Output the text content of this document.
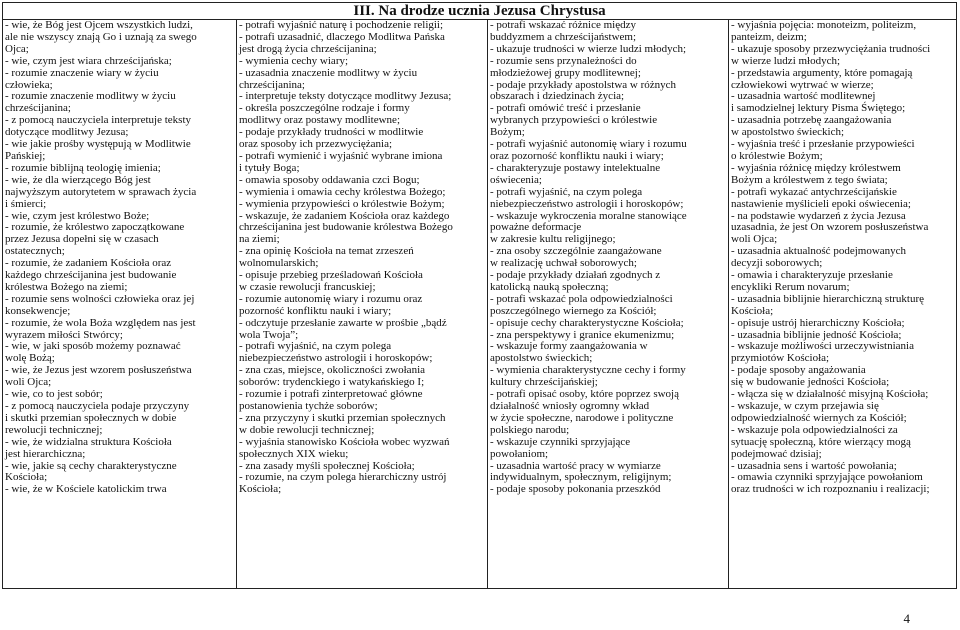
III. Na drodze ucznia Jezusa Chrystusa
- wie, że Bóg jest Ojcem wszystkich ludzi,
ale nie wszyscy znają Go i uznają za swego
Ojca;
- wie, czym jest wiara chrześcijańska;
- rozumie znaczenie wiary w życiu
człowieka;
- rozumie znaczenie modlitwy w życiu
chrześcijanina;
- z pomocą nauczyciela interpretuje teksty
dotyczące modlitwy Jezusa;
- wie jakie prośby występują w Modlitwie
Pańskiej;
- rozumie biblijną teologię imienia;
- wie, że dla wierzącego Bóg jest
najwyższym autorytetem w sprawach życia
i śmierci;
- wie, czym jest królestwo Boże;
- rozumie, że królestwo zapoczątkowane
przez Jezusa dopełni się w czasach
ostatecznych;
- rozumie, że zadaniem Kościoła oraz
każdego chrześcijanina jest budowanie
królestwa Bożego na ziemi;
- rozumie sens wolności człowieka oraz jej
konsekwencje;
- rozumie, że wola Boża względem nas jest
wyrazem miłości Stwórcy;
- wie, w jaki sposób możemy poznawać
wolę Bożą;
- wie, że Jezus jest wzorem posłuszeństwa
woli Ojca;
- wie, co to jest sobór;
- z pomocą nauczyciela podaje przyczyny
i skutki przemian społecznych w dobie
rewolucji technicznej;
- wie, że widzialna struktura Kościoła
jest hierarchiczna;
- wie, jakie są cechy charakterystyczne
Kościoła;
- wie, że w Kościele katolickim trwa
- potrafi wyjaśnić naturę i pochodzenie religii;
- potrafi uzasadnić, dlaczego Modlitwa Pańska
jest drogą życia chrześcijanina;
- wymienia cechy wiary;
- uzasadnia znaczenie modlitwy w życiu
chrześcijanina;
- interpretuje teksty dotyczące modlitwy Jezusa;
- określa poszczególne rodzaje i formy
modlitwy oraz postawy modlitewne;
- podaje przykłady trudności w modlitwie
oraz sposoby ich przezwyciężania;
- potrafi wymienić i wyjaśnić wybrane imiona
i tytuły Boga;
- omawia sposoby oddawania czci Bogu;
- wymienia i omawia cechy królestwa Bożego;
- wymienia przypowieści o królestwie Bożym;
- wskazuje, że zadaniem Kościoła oraz każdego
chrześcijanina jest budowanie królestwa Bożego
na ziemi;
- zna opinię Kościoła na temat zrzeszeń
wolnomularskich;
- opisuje przebieg prześladowań Kościoła
w czasie rewolucji francuskiej;
- rozumie autonomię wiary i rozumu oraz
pozorność konfliktu nauki i wiary;
- odczytuje przesłanie zawarte w prośbie „bądź
wola Twoja”;
- potrafi wyjaśnić, na czym polega
niebezpieczeństwo astrologii i horoskopów;
- zna czas, miejsce, okoliczności zwołania
soborów: trydenckiego i watykańskiego I;
- rozumie i potrafi zinterpretować główne
postanowienia tychże soborów;
- zna przyczyny i skutki przemian społecznych
w dobie rewolucji technicznej;
- wyjaśnia stanowisko Kościoła wobec wyzwań
społecznych XIX wieku;
- zna zasady myśli społecznej Kościoła;
- rozumie, na czym polega hierarchiczny ustrój
Kościoła;
- potrafi wskazać różnice między
buddyzmem a chrześcijaństwem;
- ukazuje trudności w wierze ludzi młodych;
- rozumie sens przynależności do
młodzieżowej grupy modlitewnej;
- podaje przykłady apostolstwa w różnych
obszarach i dziedzinach życia;
- potrafi omówić treść i przesłanie
wybranych przypowieści o królestwie
Bożym;
- potrafi wyjaśnić autonomię wiary i rozumu
oraz pozorność konfliktu nauki i wiary;
- charakteryzuje postawy intelektualne
oświecenia;
- potrafi wyjaśnić, na czym polega
niebezpieczeństwo astrologii i horoskopów;
- wskazuje wykroczenia moralne stanowiące
poważne deformacje
w zakresie kultu religijnego;
- zna osoby szczególnie zaangażowane
w realizację uchwał soborowych;
- podaje przykłady działań zgodnych z
katolicką nauką społeczną;
- potrafi wskazać pola odpowiedzialności
poszczególnego wiernego za Kościół;
- opisuje cechy charakterystyczne Kościoła;
- zna perspektywy i granice ekumenizmu;
- wskazuje formy zaangażowania w
apostolstwo świeckich;
- wymienia charakterystyczne cechy i formy
kultury chrześcijańskiej;
- potrafi opisać osoby, które poprzez swoją
działalność wniosły ogromny wkład
w życie społeczne, narodowe i polityczne
polskiego narodu;
- wskazuje czynniki sprzyjające
powołaniom;
- uzasadnia wartość pracy w wymiarze
indywidualnym, społecznym, religijnym;
- podaje sposoby pokonania przeszkód
- wyjaśnia pojęcia: monoteizm, politeizm,
panteizm, deizm;
- ukazuje sposoby przezwyciężania trudności
w wierze ludzi młodych;
- przedstawia argumenty, które pomagają
człowiekowi wytrwać w wierze;
- uzasadnia wartość modlitewnej
i samodzielnej lektury Pisma Świętego;
- uzasadnia potrzebę zaangażowania
w apostolstwo świeckich;
- wyjaśnia treść i przesłanie przypowieści
o królestwie Bożym;
- wyjaśnia różnicę między królestwem
Bożym a królestwem z tego świata;
- potrafi wykazać antychrześcijańskie
nastawienie myślicieli epoki oświecenia;
- na podstawie wydarzeń z życia Jezusa
uzasadnia, że jest On wzorem posłuszeństwa
woli Ojca;
- uzasadnia aktualność podejmowanych
decyzji soborowych;
- omawia i charakteryzuje przesłanie
encykliki Rerum novarum;
- uzasadnia biblijnie hierarchiczną strukturę
Kościoła;
- opisuje ustrój hierarchiczny Kościoła;
- uzasadnia biblijnie jedność Kościoła;
- wskazuje możliwości urzeczywistniania
przymiotów Kościoła;
- podaje sposoby angażowania
się w budowanie jedności Kościoła;
- włącza się w działalność misyjną Kościoła;
- wskazuje, w czym przejawia się
odpowiedzialność wiernych za Kościół;
- wskazuje pola odpowiedzialności za
sytuację społeczną, które wierzący mogą
podejmować dzisiaj;
- uzasadnia sens i wartość powołania;
- omawia czynniki sprzyjające powołaniom
oraz trudności w ich rozpoznaniu i realizacji;
4
